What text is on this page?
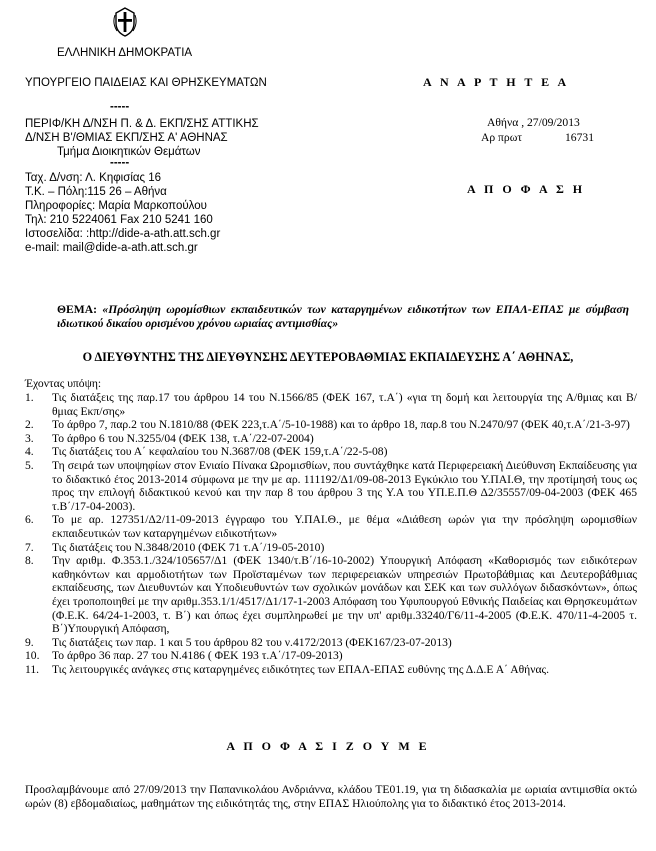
ΕΛΛΗΝΙΚΗ ΔΗΜΟΚΡΑΤΙΑ
ΥΠΟΥΡΓΕΙΟ ΠΑΙΔΕΙΑΣ ΚΑΙ ΘΡΗΣΚΕΥΜΑΤΩΝ
-----
ΠΕΡΙΦ/ΚΗ Δ/ΝΣΗ Π. & Δ. ΕΚΠ/ΣΗΣ ΑΤΤΙΚΗΣ
Δ/ΝΣΗ Β'/ΘΜΙΑΣ ΕΚΠ/ΣΗΣ Α' ΑΘΗΝΑΣ
Τμήμα Διοικητικών Θεμάτων
-----
Ταχ. Δ/νση: Λ. Κηφισίας 16
Τ.Κ. – Πόλη:115 26 – Αθήνα
Πληροφορίες: Μαρία Μαρκοπούλου
Τηλ: 210 5224061 Fax 210 5241 160
Ιστοσελίδα: :http://dide-a-ath.att.sch.gr
e-mail: mail@dide-a-ath.att.sch.gr
Α Ν Α Ρ Τ Η Τ Ε Α
Αθήνα , 27/09/2013
Αρ πρωτ	16731
Α Π Ο Φ Α Σ Η
ΘΕΜΑ: «Πρόσληψη ωρομίσθιων εκπαιδευτικών των καταργημένων ειδικοτήτων των ΕΠΑΛ-ΕΠΑΣ με σύμβαση ιδιωτικού δικαίου ορισμένου χρόνου ωριαίας αντιμισθίας»
Ο ΔΙΕΥΘΥΝΤΗΣ ΤΗΣ ΔΙΕΥΘΥΝΣΗΣ ΔΕΥΤΕΡΟΒΑΘΜΙΑΣ ΕΚΠΑΙΔΕΥΣΗΣ Α΄ ΑΘΗΝΑΣ,
Έχοντας υπόψη:
1. Τις διατάξεις της παρ.17 του άρθρου 14 του Ν.1566/85 (ΦΕΚ 167, τ.Α΄) «για τη δομή και λειτουργία της Α/θμιας και Β/θμιας Εκπ/σης»
2. Το άρθρο 7, παρ.2 του Ν.1810/88 (ΦΕΚ 223,τ.Α΄/5-10-1988) και το άρθρο 18, παρ.8 του Ν.2470/97 (ΦΕΚ 40,τ.Α΄/21-3-97)
3. Το άρθρο 6 του Ν.3255/04 (ΦΕΚ 138, τ.Α΄/22-07-2004)
4. Τις διατάξεις του Α΄ κεφαλαίου του Ν.3687/08 (ΦΕΚ 159,τ.Α΄/22-5-08)
5. Τη σειρά των υποψηφίων στον Ενιαίο Πίνακα Ωρομισθίων, που συντάχθηκε κατά Περιφερειακή Διεύθυνση Εκπαίδευσης για το διδακτικό έτος 2013-2014 σύμφωνα με την με αρ. 111192/Δ1/09-08-2013 Εγκύκλιο του Υ.ΠΑΙ.Θ, την προτίμησή τους ως προς την επιλογή διδακτικού κενού και την παρ 8 του άρθρου 3 της Υ.Α του ΥΠ.Ε.Π.Θ Δ2/35557/09-04-2003 (ΦΕΚ 465 τ.Β΄/17-04-2003).
6. Το με αρ. 127351/Δ2/11-09-2013 έγγραφο του Υ.ΠΑΙ.Θ., με θέμα «Διάθεση ωρών για την πρόσληψη ωρομισθίων εκπαιδευτικών των καταργημένων ειδικοτήτων»
7. Τις διατάξεις του Ν.3848/2010 (ΦΕΚ 71 τ.Α΄/19-05-2010)
8. Την αριθμ. Φ.353.1./324/105657/Δ1 (ΦΕΚ 1340/τ.Β΄/16-10-2002) Υπουργική Απόφαση «Καθορισμός των ειδικότερων καθηκόντων και αρμοδιοτήτων των Προϊσταμένων των περιφερειακών υπηρεσιών Πρωτοβάθμιας και Δευτεροβάθμιας εκπαίδευσης, των Διευθυντών και Υποδιευθυντών των σχολικών μονάδων και ΣΕΚ και των συλλόγων διδασκόντων», όπως έχει τροποποιηθεί με την αριθμ.353.1/1/4517/Δ1/17-1-2003 Απόφαση του Υφυπουργού Εθνικής Παιδείας και Θρησκευμάτων (Φ.Ε.Κ. 64/24-1-2003, τ. Β΄) και όπως έχει συμπληρωθεί με την υπ' αριθμ.33240/Γ6/11-4-2005 (Φ.Ε.Κ. 470/11-4-2005 τ. Β΄)Υπουργική Απόφαση,
9. Τις διατάξεις των παρ. 1 και 5 του άρθρου 82 του ν.4172/2013 (ΦΕΚ167/23-07-2013)
10. Το άρθρο 36 παρ. 27 του Ν.4186 ( ΦΕΚ 193 τ.Α΄/17-09-2013)
11. Τις λειτουργικές ανάγκες στις καταργημένες ειδικότητες των ΕΠΑΛ-ΕΠΑΣ ευθύνης της Δ.Δ.Ε Α΄ Αθήνας.
Α Π Ο Φ Α Σ Ι Ζ Ο Υ Μ Ε
Προσλαμβάνουμε από 27/09/2013 την Παπανικολάου Ανδριάννα, κλάδου ΤΕ01.19, για τη διδασκαλία με ωριαία αντιμισθία οκτώ ωρών (8) εβδομαδιαίως, μαθημάτων της ειδικότητάς της, στην ΕΠΑΣ Ηλιούπολης για το διδακτικό έτος 2013-2014.
